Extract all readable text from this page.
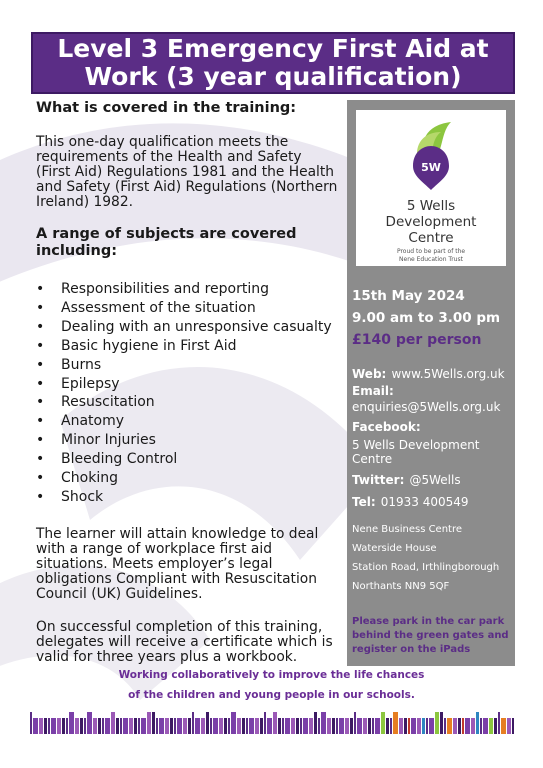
Level 3 Emergency First Aid at
Work (3 year qualification)
What is covered in the training:
This one-day qualification meets the
requirements of the Health and Safety
(First Aid) Regulations 1981 and the Health
and Safety (First Aid) Regulations (Northern
Ireland) 1982.
A range of subjects are covered
including:
• Responsibilities and reporting
• Assessment of the situation
• Dealing with an unresponsive casualty
• Basic hygiene in First Aid
• Burns
• Epilepsy
• Resuscitation
• Anatomy
• Minor Injuries
• Bleeding Control
• Choking
• Shock
The learner will attain knowledge to deal
with a range of workplace first aid
situations. Meets employer’s legal
obligations Compliant with Resuscitation
Council (UK) Guidelines.
On successful completion of this training,
delegates will receive a certificate which is
valid for three years plus a workbook.
5W
5 Wells
Development
Centre
Proud to be part of the
Nene Education Trust
15th May 2024
9.00 am to 3.00 pm
£140 per person
Web: www.5Wells.org.uk
Email:
enquiries@5Wells.org.uk
Facebook:
5 Wells Development
Centre
Twitter: @5Wells
Tel: 01933 400549
Nene Business Centre
Waterside House
Station Road, Irthlingborough
Northants NN9 5QF
Please park in the car park
behind the green gates and
register on the iPads
Working collaboratively to improve the life chances
of the children and young people in our schools.
